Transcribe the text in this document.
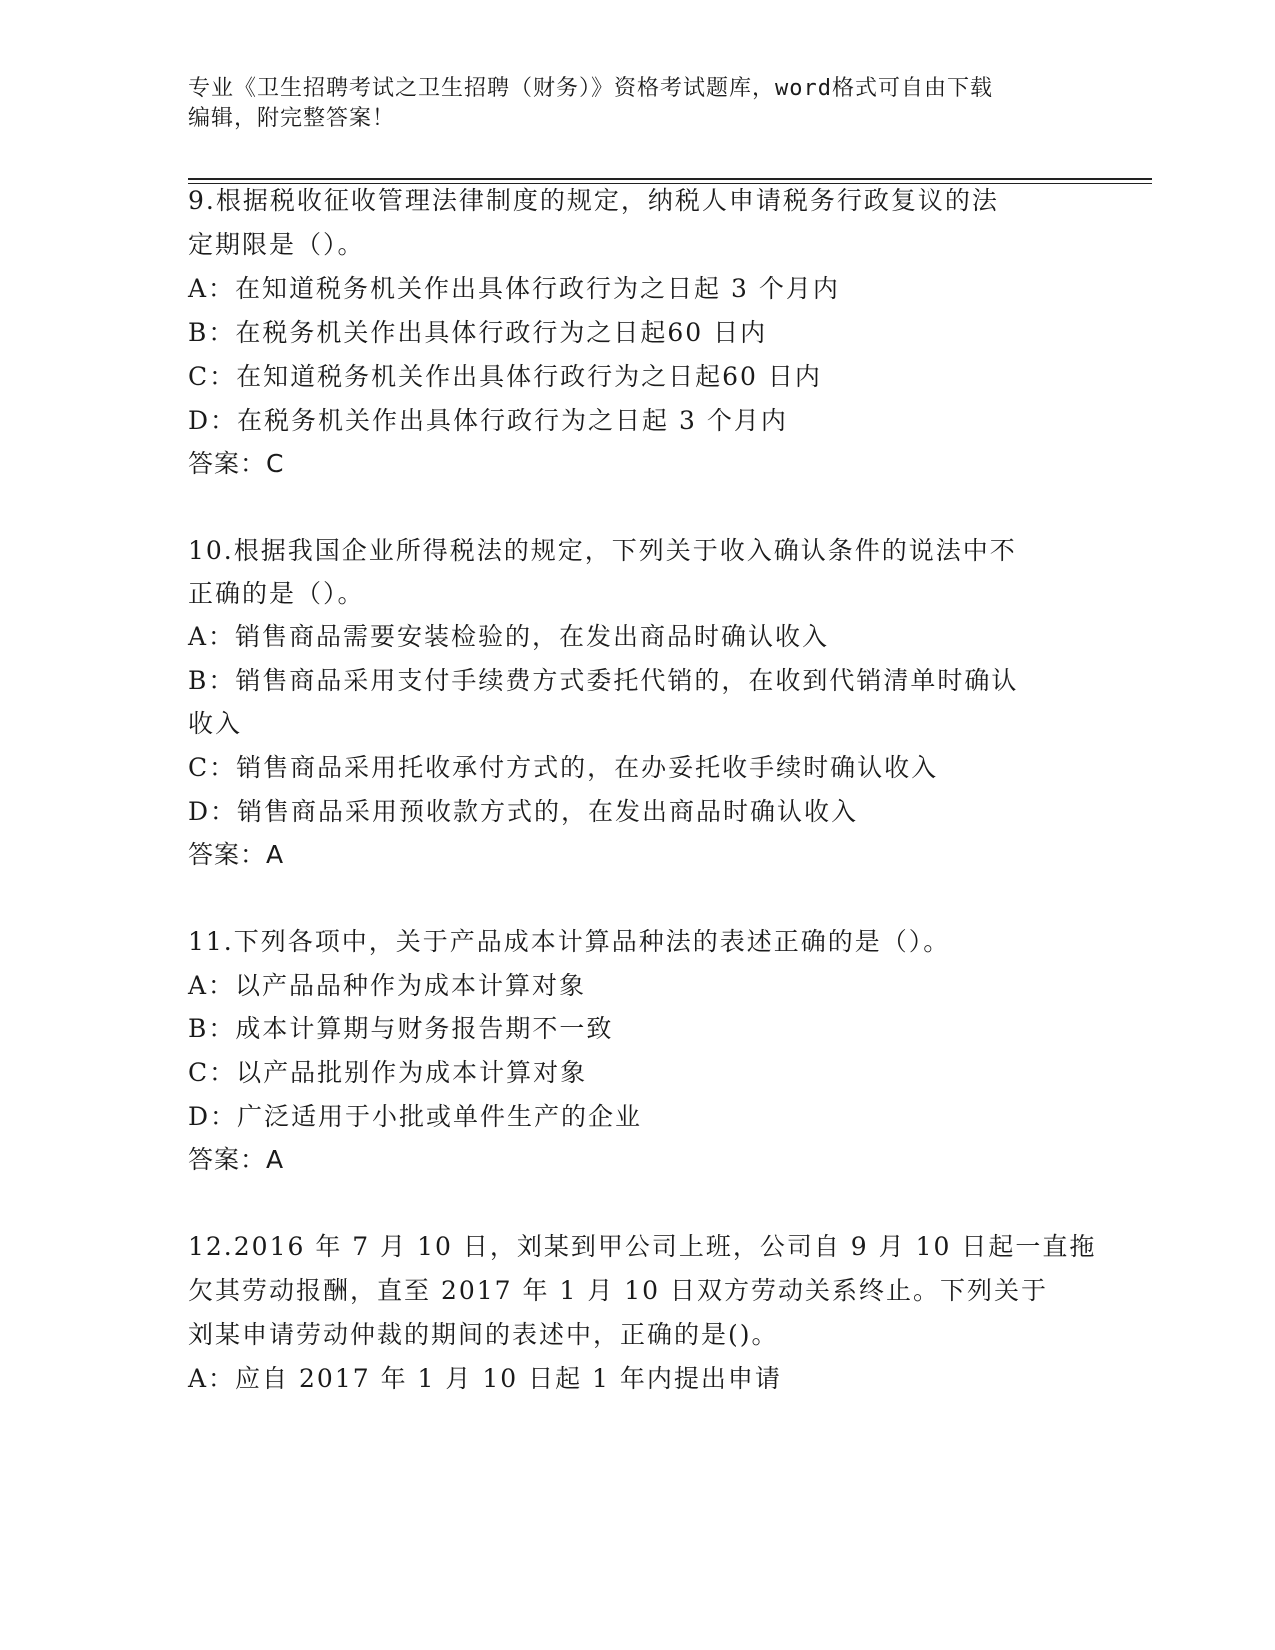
专业《卫生招聘考试之卫生招聘（财务）》资格考试题库，word格式可自由下载
编辑，附完整答案！
9.根据税收征收管理法律制度的规定，纳税人申请税务行政复议的法
定期限是（）。
A：在知道税务机关作出具体行政行为之日起 3 个月内
B：在税务机关作出具体行政行为之日起60 日内
C：在知道税务机关作出具体行政行为之日起60 日内
D：在税务机关作出具体行政行为之日起 3 个月内
答案：C
10.根据我国企业所得税法的规定，下列关于收入确认条件的说法中不
正确的是（）。
A：销售商品需要安装检验的，在发出商品时确认收入
B：销售商品采用支付手续费方式委托代销的，在收到代销清单时确认
收入
C：销售商品采用托收承付方式的，在办妥托收手续时确认收入
D：销售商品采用预收款方式的，在发出商品时确认收入
答案：A
11.下列各项中，关于产品成本计算品种法的表述正确的是（）。
A：以产品品种作为成本计算对象
B：成本计算期与财务报告期不一致
C：以产品批别作为成本计算对象
D：广泛适用于小批或单件生产的企业
答案：A
12.2016 年 7 月 10 日，刘某到甲公司上班，公司自 9 月 10 日起一直拖
欠其劳动报酬，直至 2017 年 1 月 10 日双方劳动关系终止。下列关于
刘某申请劳动仲裁的期间的表述中，正确的是()。
A：应自 2017 年 1 月 10 日起 1 年内提出申请
